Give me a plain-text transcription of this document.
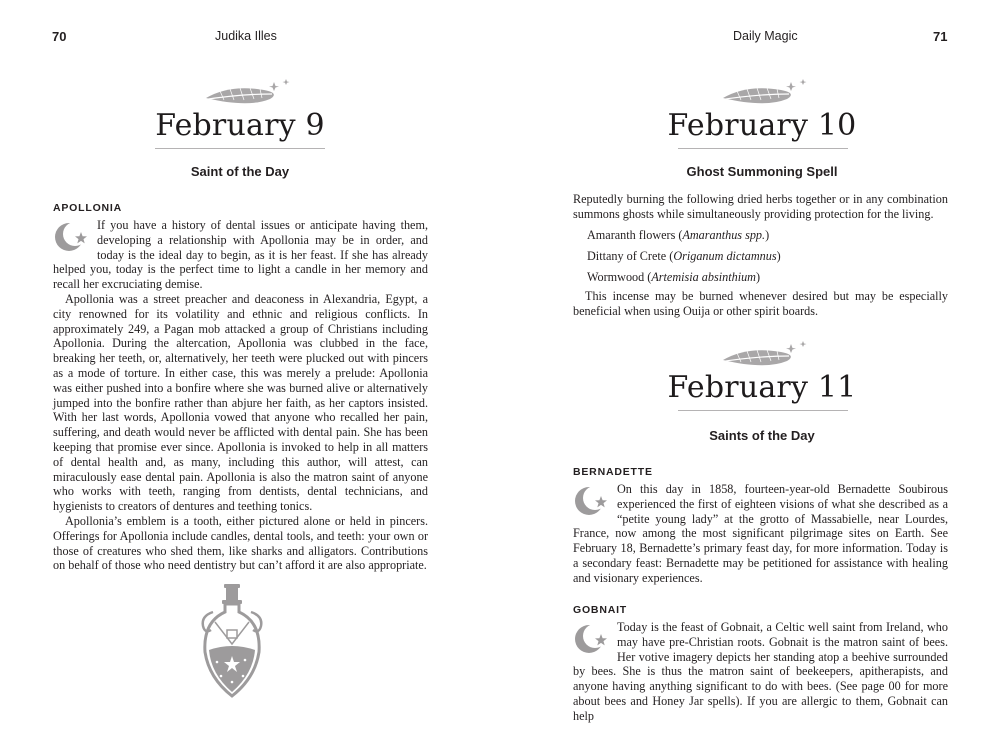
70	Judika Illes
February 9
Saint of the Day
APOLLONIA
If you have a history of dental issues or anticipate having them, developing a relationship with Apollonia may be in order, and today is the ideal day to begin, as it is her feast. If she has already helped you, today is the perfect time to light a candle in her memory and recall her excruciating demise.

Apollonia was a street preacher and deaconess in Alexandria, Egypt, a city renowned for its volatility and ethnic and religious conflicts. In approximately 249, a Pagan mob attacked a group of Christians including Apollonia. During the altercation, Apollonia was clubbed in the face, breaking her teeth, or, alternatively, her teeth were plucked out with pincers as a mode of torture. In either case, this was merely a prelude: Apollonia was either pushed into a bonfire where she was burned alive or alternatively jumped into the bonfire rather than abjure her faith, as her captors insisted. With her last words, Apollonia vowed that anyone who recalled her pain, suffering, and death would never be afflicted with dental pain. She has been keeping that promise ever since. Apollonia is invoked to help in all matters of dental health and, as many, including this author, will attest, can miraculously ease dental pain. Apollonia is also the matron saint of anyone who works with teeth, ranging from dentists, dental technicians, and hygienists to creators of dentures and teething tonics.

Apollonia’s emblem is a tooth, either pictured alone or held in pincers. Offerings for Apollonia include candles, dental tools, and teeth: your own or those of creatures who shed them, like sharks and alligators. Contributions on behalf of those who need dentistry but can’t afford it are also appropriate.

Daily Magic	71
February 10
Ghost Summoning Spell

Reputedly burning the following dried herbs together or in any combination summons ghosts while simultaneously providing protection for the living.

Amaranth flowers (Amaranthus spp.)

Dittany of Crete (Origanum dictamnus)

Wormwood (Artemisia absinthium)

This incense may be burned whenever desired but may be especially beneficial when using Ouija or other spirit boards.

February 11
Saints of the Day
BERNADETTE
On this day in 1858, fourteen-year-old Bernadette Soubirous experienced the first of eighteen visions of what she described as a “petite young lady” at the grotto of Massabielle, near Lourdes, France, now among the most significant pilgrimage sites on Earth. See February 18, Bernadette’s primary feast day, for more information. Today is a secondary feast: Bernadette may be petitioned for assistance with healing and visionary experiences.
GOBNAIT
Today is the feast of Gobnait, a Celtic well saint from Ireland, who may have pre-Christian roots. Gobnait is the matron saint of bees. Her votive imagery depicts her standing atop a beehive surrounded by bees. She is thus the matron saint of beekeepers, apitherapists, and anyone having anything significant to do with bees. (See page 00 for more about bees and Honey Jar spells). If you are allergic to them, Gobnait can help
